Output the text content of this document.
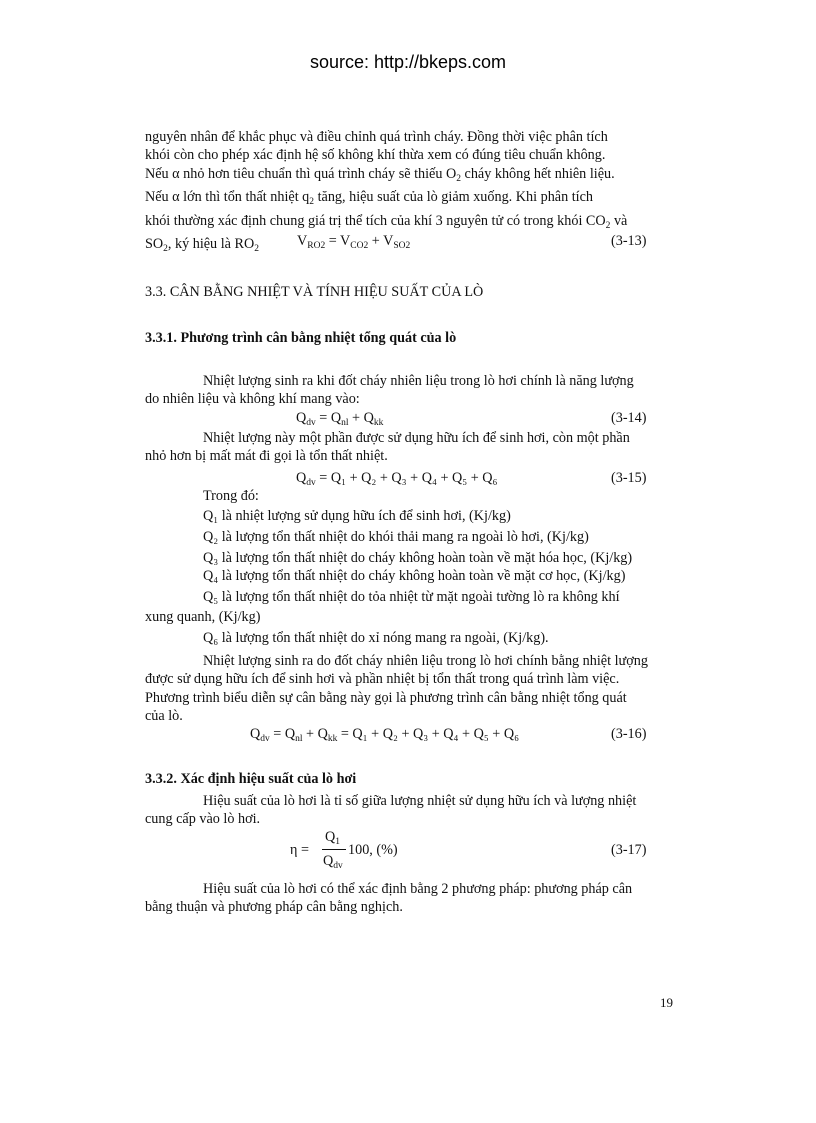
source: http://bkeps.com

nguyên nhân để khắc phục và điều chỉnh quá trình cháy. Đồng thời việc phân tích

khói còn cho phép xác định hệ số không khí thừa xem có đúng tiêu chuẩn không.

Nếu α nhỏ hơn tiêu chuẩn thì quá trình cháy sẽ thiếu $O_2$ cháy không hết nhiên liệu.

Nếu α lớn thì tổn thất nhiệt $q_2$ tăng, hiệu suất của lò giảm xuống. Khi phân tích

khói thường xác định chung giá trị thể tích của khí 3 nguyên tử có trong khói $CO_2$ và

$SO_2$, ký hiệu là $RO_2$

$V_{RO2} = V_{CO2} + V_{SO2}$	(3-13)
3.3. CÂN BẰNG NHIỆT VÀ TÍNH HIỆU SUẤT CỦA LÒ
3.3.1. Phương trình cân bằng nhiệt tổng quát của lò

Nhiệt lượng sinh ra khi đốt cháy nhiên liệu trong lò hơi chính là năng lượng

do nhiên liệu và không khí mang vào:

$Q_{dv} = Q_{nl} + Q_{kk}$	(3-14)

Nhiệt lượng này một phần được sử dụng hữu ích để sinh hơi, còn một phần

nhỏ hơn bị mất mát đi gọi là tổn thất nhiệt.

$Q_{dv} = Q_1 + Q_2 + Q_3 + Q_4 + Q_5 + Q_6$	(3-15)
Trong đó:
Q₁ là nhiệt lượng sử dụng hữu ích để sinh hơi, (Kj/kg)
Q₂ là lượng tổn thất nhiệt do khói thải mang ra ngoài lò hơi, (Kj/kg)
Q₃ là lượng tổn thất nhiệt do cháy không hoàn toàn về mặt hóa học, (Kj/kg)
Q₄ là lượng tổn thất nhiệt do cháy không hoàn toàn về mặt cơ học, (Kj/kg)
Q₅ là lượng tổn thất nhiệt do tỏa nhiệt từ mặt ngoài tường lò ra không khí
xung quanh, (Kj/kg)
Q₆ là lượng tổn thất nhiệt do xỉ nóng mang ra ngoài, (Kj/kg).

Nhiệt lượng sinh ra do đốt cháy nhiên liệu trong lò hơi chính bằng nhiệt lượng

được sử dụng hữu ích để sinh hơi và phần nhiệt bị tổn thất trong quá trình làm việc.

Phương trình biểu diễn sự cân bằng này gọi là phương trình cân bằng nhiệt tổng quát

của lò.

$Q_{dv} = Q_{nl} + Q_{kk} = Q_1 + Q_2 + Q_3 + Q_4 + Q_5 + Q_6$	(3-16)
3.3.2. Xác định hiệu suất của lò hơi

Hiệu suất của lò hơi là tỉ số giữa lượng nhiệt sử dụng hữu ích và lượng nhiệt

cung cấp vào lò hơi.

η =
$Q_1$
$Q_{dv}$
100, (%)	(3-17)

Hiệu suất của lò hơi có thể xác định bằng 2 phương pháp: phương pháp cân

bằng thuận và phương pháp cân bằng nghịch.

19
